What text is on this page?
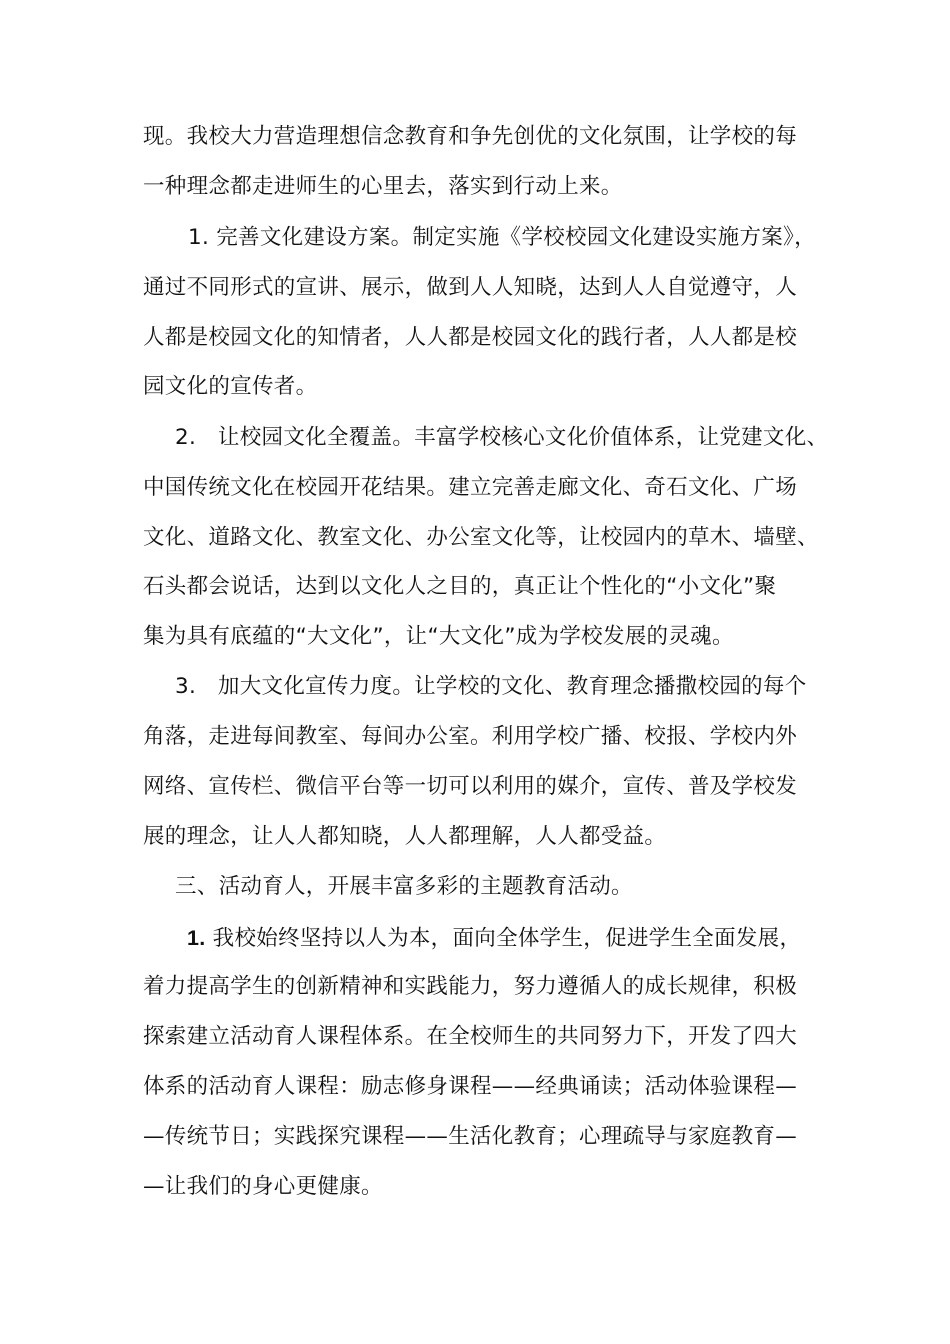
现。我校大力营造理想信念教育和争先创优的文化氛围，让学校的每
一种理念都走进师生的心里去，落实到行动上来。
1. 完善文化建设方案。制定实施《学校校园文化建设实施方案》，
通过不同形式的宣讲、展示，做到人人知晓，达到人人自觉遵守，人
人都是校园文化的知情者，人人都是校园文化的践行者，人人都是校
园文化的宣传者。
2.　让校园文化全覆盖。丰富学校核心文化价值体系，让党建文化、
中国传统文化在校园开花结果。建立完善走廊文化、奇石文化、广场
文化、道路文化、教室文化、办公室文化等，让校园内的草木、墙壁、
石头都会说话，达到以文化人之目的，真正让个性化的“小文化”聚
集为具有底蕴的“大文化”，让“大文化”成为学校发展的灵魂。
3.　加大文化宣传力度。让学校的文化、教育理念播撒校园的每个
角落，走进每间教室、每间办公室。利用学校广播、校报、学校内外
网络、宣传栏、微信平台等一切可以利用的媒介，宣传、普及学校发
展的理念，让人人都知晓，人人都理解，人人都受益。
三、活动育人，开展丰富多彩的主题教育活动。
1. 我校始终坚持以人为本，面向全体学生，促进学生全面发展，
着力提高学生的创新精神和实践能力，努力遵循人的成长规律，积极
探索建立活动育人课程体系。在全校师生的共同努力下，开发了四大
体系的活动育人课程：励志修身课程——经典诵读；活动体验课程—
—传统节日；实践探究课程——生活化教育；心理疏导与家庭教育—
—让我们的身心更健康。
